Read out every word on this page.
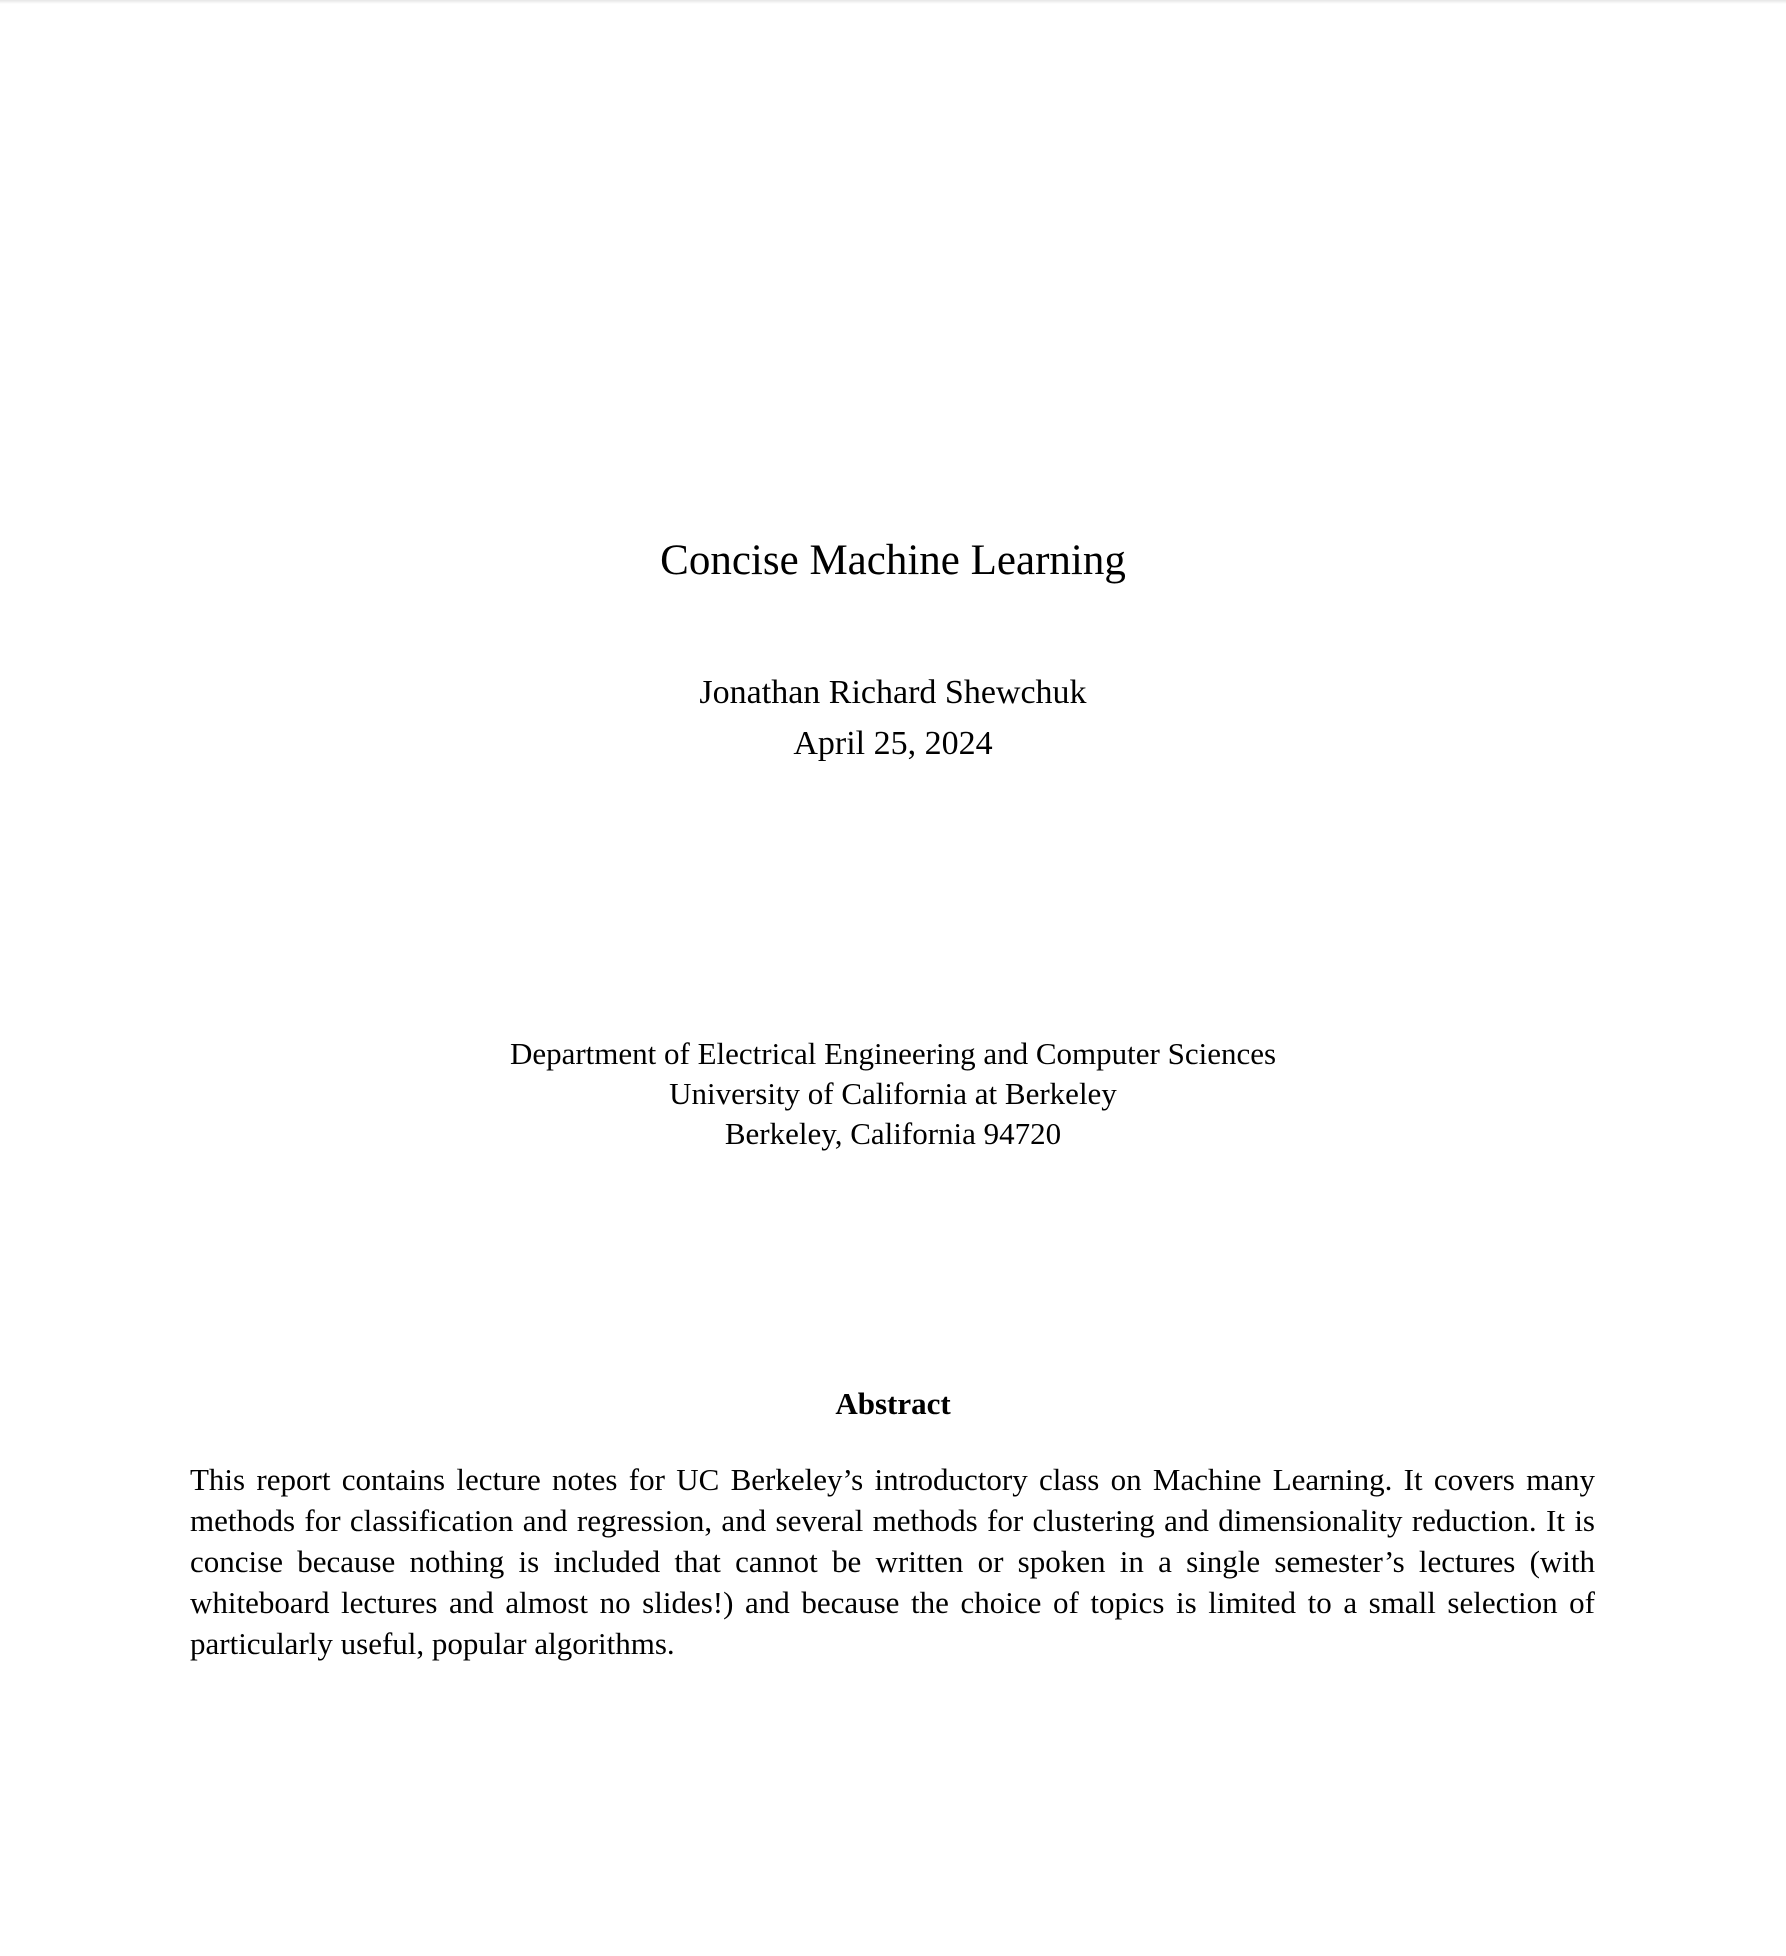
Concise Machine Learning
Jonathan Richard Shewchuk
April 25, 2024
Department of Electrical Engineering and Computer Sciences
University of California at Berkeley
Berkeley, California 94720
Abstract
This report contains lecture notes for UC Berkeley’s introductory class on Machine Learning. It covers many methods for classification and regression, and several methods for clustering and dimensionality reduction. It is concise because nothing is included that cannot be written or spoken in a single semester’s lectures (with whiteboard lectures and almost no slides!) and because the choice of topics is limited to a small selection of particularly useful, popular algorithms.
